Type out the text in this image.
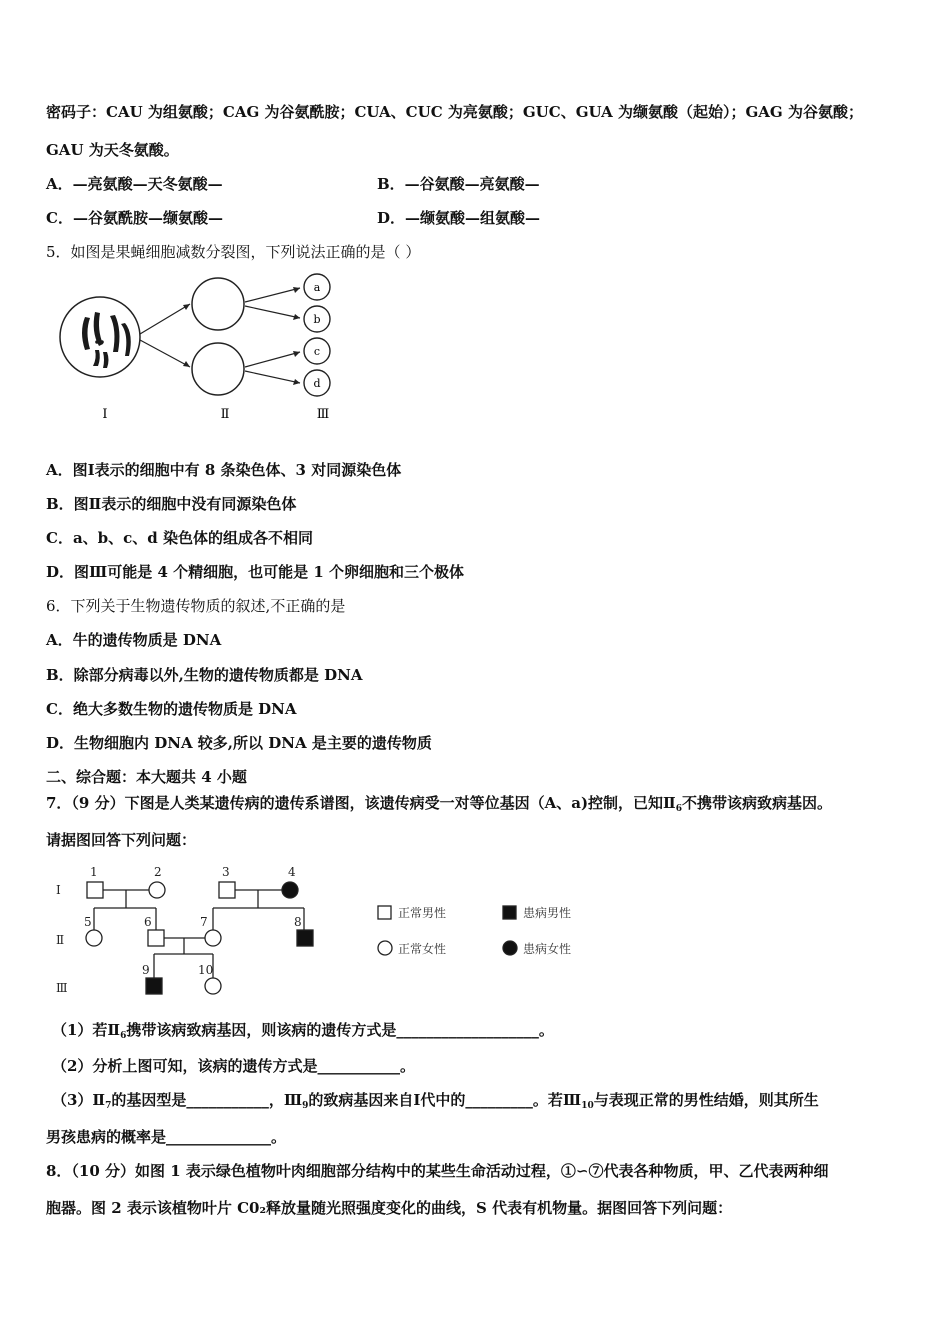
密码子：CAU 为组氨酸；CAG 为谷氨酰胺；CUA、CUC 为亮氨酸；GUC、GUA 为缬氨酸（起始）；GAG 为谷氨酸；
GAU 为天冬氨酸。
A．—亮氨酸—天冬氨酸—	B．—谷氨酸—亮氨酸—
C．—谷氨酰胺—缬氨酸—	D．—缬氨酸—组氨酸—
5．如图是果蝇细胞减数分裂图，下列说法正确的是（ ）
a
b
c
d
Ⅰ	Ⅱ	Ⅲ
A．图Ⅰ表示的细胞中有 8 条染色体、3 对同源染色体
B．图Ⅱ表示的细胞中没有同源染色体
C．a、b、c、d 染色体的组成各不相同
D．图Ⅲ可能是 4 个精细胞，也可能是 1 个卵细胞和三个极体
6．下列关于生物遗传物质的叙述,不正确的是
A．牛的遗传物质是 DNA
B．除部分病毒以外,生物的遗传物质都是 DNA
C．绝大多数生物的遗传物质是 DNA
D．生物细胞内 DNA 较多,所以 DNA 是主要的遗传物质
二、综合题：本大题共 4 小题
7．（9 分）下图是人类某遗传病的遗传系谱图，该遗传病受一对等位基因（A、a)控制，已知$Ⅱ_6$不携带该病致病基因。
请据图回答下列问题：
Ⅰ
Ⅱ
Ⅲ
1	2	3	4
5	6	7	8
9	10
正常男性	患病男性
正常女性	患病女性
（1）若$Ⅱ_6$携带该病致病基因，则该病的遗传方式是___________________。
（2）分析上图可知，该病的遗传方式是___________。
$(3)Ⅱ_7$的基因型是___________，$Ⅲ_9$的致病基因来自Ⅰ代中的_________。若$Ⅲ_{10}$与表现正常的男性结婚，则其所生
男孩患病的概率是______________。
8．（10 分）如图 1 表示绿色植物叶肉细胞部分结构中的某些生命活动过程，①∽⑦代表各种物质，甲、乙代表两种细
胞器。图 2 表示该植物叶片 C0₂释放量随光照强度变化的曲线，S 代表有机物量。据图回答下列问题：
